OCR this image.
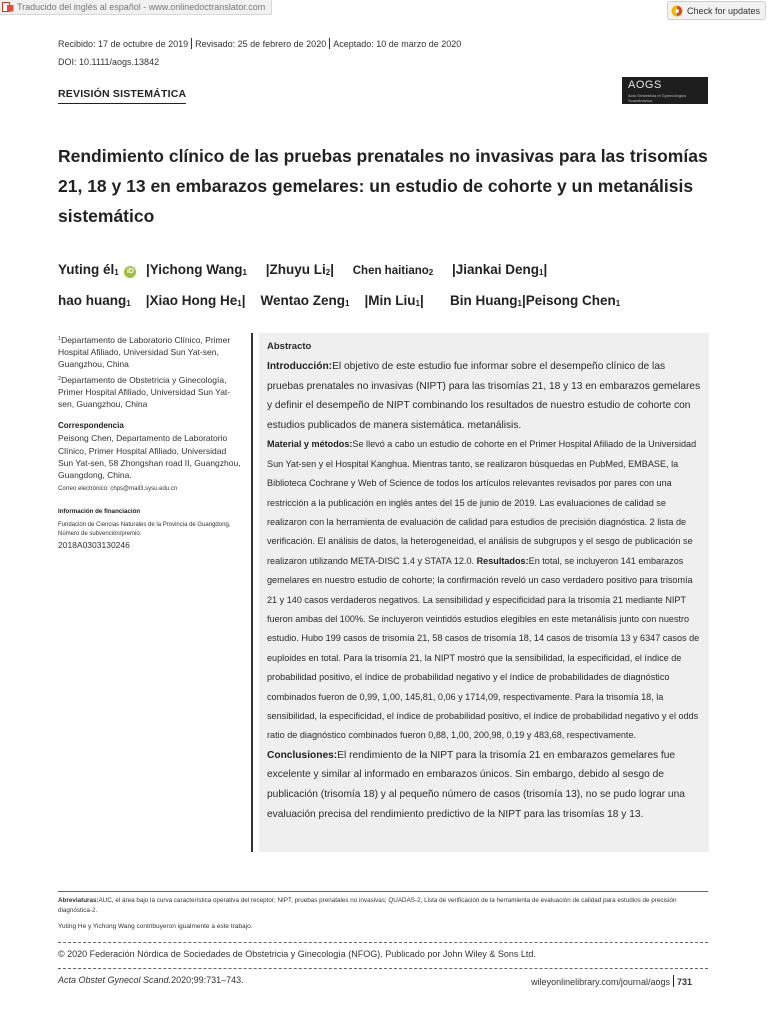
Traducido del inglés al español - www.onlinedoctranslator.com	Check for updates
Recibido: 17 de octubre de 2019 Revisado: 25 de febrero de 2020 Aceptado: 10 de marzo de 2020
DOI: 10.1111/aogs.13842
REVISIÓN SISTEMÁTICA
AOGS
Acta Obstetricia et Gynecologica
Scandinavica
Rendimiento clínico de las pruebas prenatales no invasivas para las trisomías 21, 18 y 13 en embarazos gemelares: un estudio de cohorte y un metanálisis sistemático
Yuting $él_1$ iD  |Yichong Wang$_1$     |Zhuyu $Li_2|$     Chen haitiano$_2$     |Jiankai Deng$_1$|
hao huang$_1$    |Xiao Hong $He_1|$    Wentao Zeng$_1$    |Min Liu$_1$|       Bin Huang$_1$|Peisong Chen$_1$
$^1$Departamento de Laboratorio Clínico, Primer Hospital Afiliado, Universidad Sun Yat-sen, Guangzhou, China
$^2$Departamento de Obstetricia y Ginecología, Primer Hospital Afiliado, Universidad Sun Yat-sen, Guangzhou, China
Correspondencia
Peisong Chen, Departamento de Laboratorio Clínico, Primer Hospital Afiliado, Universidad Sun Yat-sen, 58 Zhongshan road II, Guangzhou, Guangdong, China.
Correo electrónico: chps@mail3.sysu.edu.cn
Información de financiación
Fundación de Ciencias Naturales de la Provincia de Guangdong, Número de subvención/premio:
2018A0303130246
Abstracto
Introducción:El objetivo de este estudio fue informar sobre el desempeño clínico de las pruebas prenatales no invasivas (NIPT) para las trisomías 21, 18 y 13 en embarazos gemelares y definir el desempeño de NIPT combinando los resultados de nuestro estudio de cohorte con estudios publicados de manera sistemática. metanálisis.
Material y métodos:Se llevó a cabo un estudio de cohorte en el Primer Hospital Afiliado de la Universidad Sun Yat-sen y el Hospital Kanghua. Mientras tanto, se realizaron búsquedas en PubMed, EMBASE, la Biblioteca Cochrane y Web of Science de todos los artículos relevantes revisados por pares con una restricción a la publicación en inglés antes del 15 de junio de 2019. Las evaluaciones de calidad se realizaron con la herramienta de evaluación de calidad para estudios de precisión diagnóstica. 2 lista de verificación. El análisis de datos, la heterogeneidad, el análisis de subgrupos y el sesgo de publicación se realizaron utilizando META-DISC 1.4 y STATA 12.0. Resultados:En total, se incluyeron 141 embarazos gemelares en nuestro estudio de cohorte; la confirmación reveló un caso verdadero positivo para trisomía 21 y 140 casos verdaderos negativos. La sensibilidad y especificidad para la trisomía 21 mediante NIPT fueron ambas del 100%. Se incluyeron veintidós estudios elegibles en este metanálisis junto con nuestro estudio. Hubo 199 casos de trisomía 21, 58 casos de trisomía 18, 14 casos de trisomía 13 y 6347 casos de euploides en total. Para la trisomía 21, la NIPT mostró que la sensibilidad, la especificidad, el índice de probabilidad positivo, el índice de probabilidad negativo y el índice de probabilidades de diagnóstico combinados fueron de 0,99, 1,00, 145,81, 0,06 y 1714,09, respectivamente. Para la trisomía 18, la sensibilidad, la especificidad, el índice de probabilidad positivo, el índice de probabilidad negativo y el odds ratio de diagnóstico combinados fueron 0,88, 1,00, 200,98, 0,19 y 483,68, respectivamente.
Conclusiones:El rendimiento de la NIPT para la trisomía 21 en embarazos gemelares fue excelente y similar al informado en embarazos únicos. Sin embargo, debido al sesgo de publicación (trisomía 18) y al pequeño número de casos (trisomía 13), no se pudo lograr una evaluación precisa del rendimiento predictivo de la NIPT para las trisomías 18 y 13.
Abreviaturas:AUC, el área bajo la curva característica operativa del receptor; NIPT, pruebas prenatales no invasivas; QUADAS-2, Lista de verificación de la herramienta de evaluación de calidad para estudios de precisión diagnóstica-2.
Yuting He y Yichong Wang contribuyeron igualmente a este trabajo.
© 2020 Federación Nórdica de Sociedades de Obstetricia y Ginecología (NFOG). Publicado por John Wiley & Sons Ltd.
Acta Obstet Gynecol Scand.2020;99:731–743.	wileyonlinelibrary.com/journal/aogs 731
